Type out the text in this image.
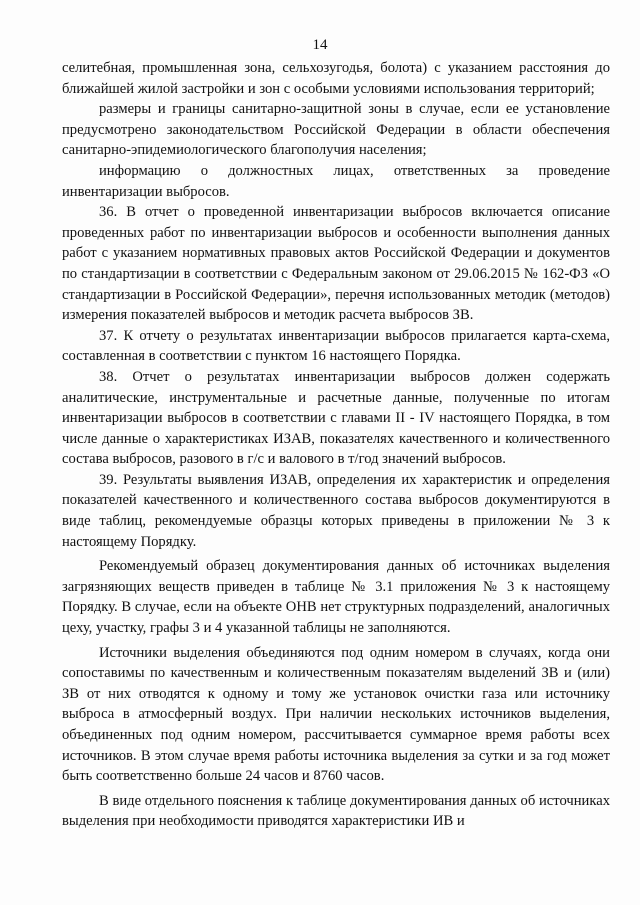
14

селитебная, промышленная зона, сельхозугодья, болота) с указанием расстояния до ближайшей жилой застройки и зон с особыми условиями использования территорий;

размеры и границы санитарно-защитной зоны в случае, если ее установление предусмотрено законодательством Российской Федерации в области обеспечения санитарно-эпидемиологического благополучия населения;

информацию о должностных лицах, ответственных за проведение инвентаризации выбросов.

36. В отчет о проведенной инвентаризации выбросов включается описание проведенных работ по инвентаризации выбросов и особенности выполнения данных работ с указанием нормативных правовых актов Российской Федерации и документов по стандартизации в соответствии с Федеральным законом от 29.06.2015 № 162-ФЗ «О стандартизации в Российской Федерации», перечня использованных методик (методов) измерения показателей выбросов и методик расчета выбросов ЗВ.

37. К отчету о результатах инвентаризации выбросов прилагается карта-схема, составленная в соответствии с пунктом 16 настоящего Порядка.

38. Отчет о результатах инвентаризации выбросов должен содержать аналитические, инструментальные и расчетные данные, полученные по итогам инвентаризации выбросов в соответствии с главами II - IV настоящего Порядка, в том числе данные о характеристиках ИЗАВ, показателях качественного и количественного состава выбросов, разового в г/с и валового в т/год значений выбросов.

39. Результаты выявления ИЗАВ, определения их характеристик и определения показателей качественного и количественного состава выбросов документируются в виде таблиц, рекомендуемые образцы которых приведены в приложении № 3 к настоящему Порядку.

Рекомендуемый образец документирования данных об источниках выделения загрязняющих веществ приведен в таблице № 3.1 приложения № 3 к настоящему Порядку. В случае, если на объекте ОНВ нет структурных подразделений, аналогичных цеху, участку, графы 3 и 4 указанной таблицы не заполняются.

Источники выделения объединяются под одним номером в случаях, когда они сопоставимы по качественным и количественным показателям выделений ЗВ и (или) ЗВ от них отводятся к одному и тому же установок очистки газа или источнику выброса в атмосферный воздух. При наличии нескольких источников выделения, объединенных под одним номером, рассчитывается суммарное время работы всех источников. В этом случае время работы источника выделения за сутки и за год может быть соответственно больше 24 часов и 8760 часов.

В виде отдельного пояснения к таблице документирования данных об источниках выделения при необходимости приводятся характеристики ИВ и
